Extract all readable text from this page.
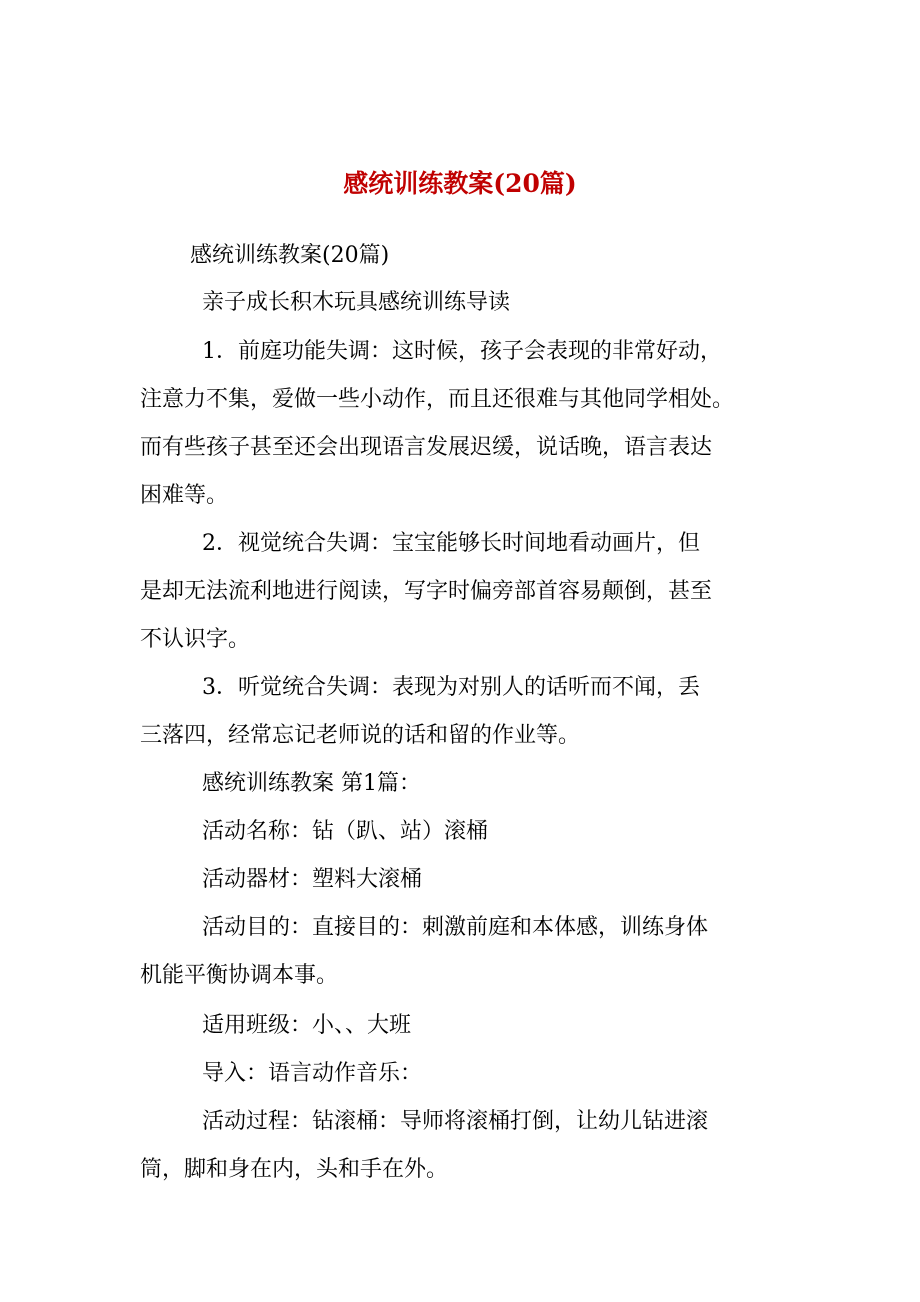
感统训练教案(20篇)
感统训练教案(20篇)
亲子成长积木玩具感统训练导读
1．前庭功能失调：这时候，孩子会表现的非常好动，
注意力不集，爱做一些小动作，而且还很难与其他同学相处。
而有些孩子甚至还会出现语言发展迟缓，说话晚，语言表达
困难等。
2．视觉统合失调：宝宝能够长时间地看动画片，但
是却无法流利地进行阅读，写字时偏旁部首容易颠倒，甚至
不认识字。
3．听觉统合失调：表现为对别人的话听而不闻，丢
三落四，经常忘记老师说的话和留的作业等。
感统训练教案 第1篇：
活动名称：钻（趴、站）滚桶
活动器材：塑料大滚桶
活动目的：直接目的：刺激前庭和本体感，训练身体
机能平衡协调本事。
适用班级：小、、大班
导入：语言动作音乐：
活动过程：钻滚桶：导师将滚桶打倒，让幼儿钻进滚
筒，脚和身在内，头和手在外。
